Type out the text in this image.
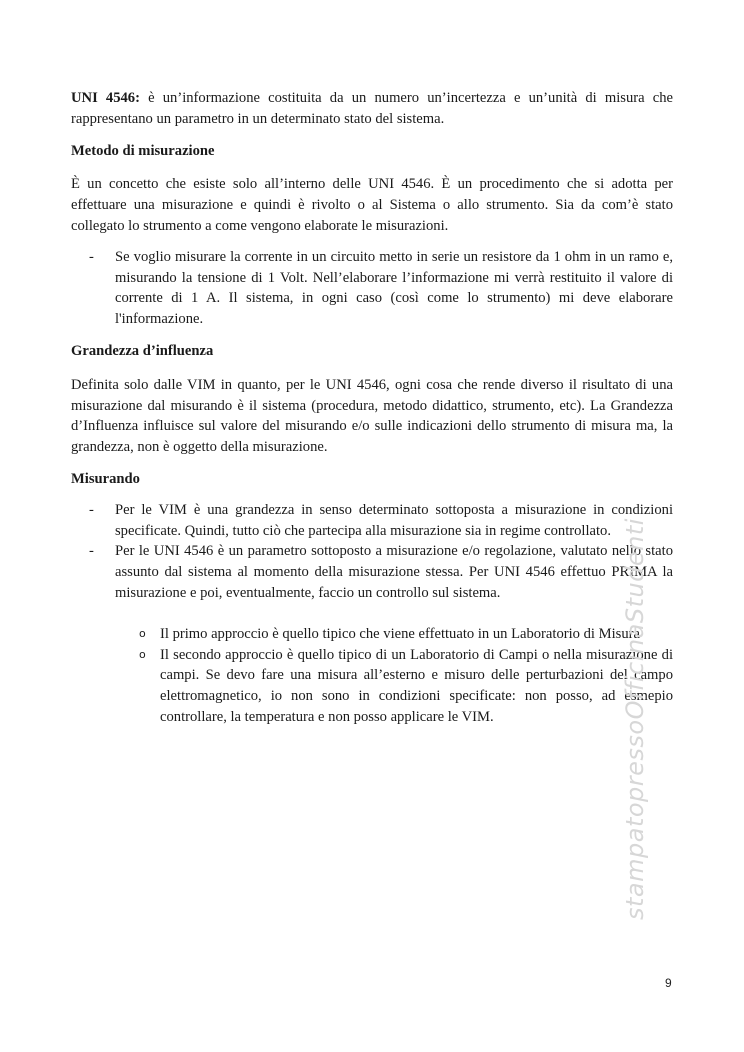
UNI 4546: è un’informazione costituita da un numero un’incertezza e un’unità di misura che rappresentano un parametro in un determinato stato del sistema.

Metodo di misurazione

È un concetto che esiste solo all’interno delle UNI 4546. È un procedimento che si adotta per effettuare una misurazione e quindi è rivolto o al Sistema o allo strumento. Sia da com’è stato collegato lo strumento a come vengono elaborate le misurazioni.

- Se voglio misurare la corrente in un circuito metto in serie un resistore da 1 ohm in un ramo e, misurando la tensione di 1 Volt. Nell’elaborare l’informazione mi verrà restituito il valore di corrente di 1 A. Il sistema, in ogni caso (così come lo strumento) mi deve elaborare l'informazione.

Grandezza d’influenza

Definita solo dalle VIM in quanto, per le UNI 4546, ogni cosa che rende diverso il risultato di una misurazione dal misurando è il sistema (procedura, metodo didattico, strumento, etc). La Grandezza d’Influenza influisce sul valore del misurando e/o sulle indicazioni dello strumento di misura ma, la grandezza, non è oggetto della misurazione.

Misurando

- Per le VIM è una grandezza in senso determinato sottoposta a misurazione in condizioni specificate. Quindi, tutto ciò che partecipa alla misurazione sia in regime controllato.
- Per le UNI 4546 è un parametro sottoposto a misurazione e/o regolazione, valutato nello stato assunto dal sistema al momento della misurazione stessa. Per UNI 4546 effettuo PRIMA la misurazione e poi, eventualmente, faccio un controllo sul sistema.
o Il primo approccio è quello tipico che viene effettuato in un Laboratorio di Misura
o Il secondo approccio è quello tipico di un Laboratorio di Campi o nella misurazione di campi. Se devo fare una misura all’esterno e misuro delle perturbazioni del campo elettromagnetico, io non sono in condizioni specificate: non posso, ad esmepio controllare, la temperatura e non posso applicare le VIM.	stampatopressoOfficinaStudenti
9
